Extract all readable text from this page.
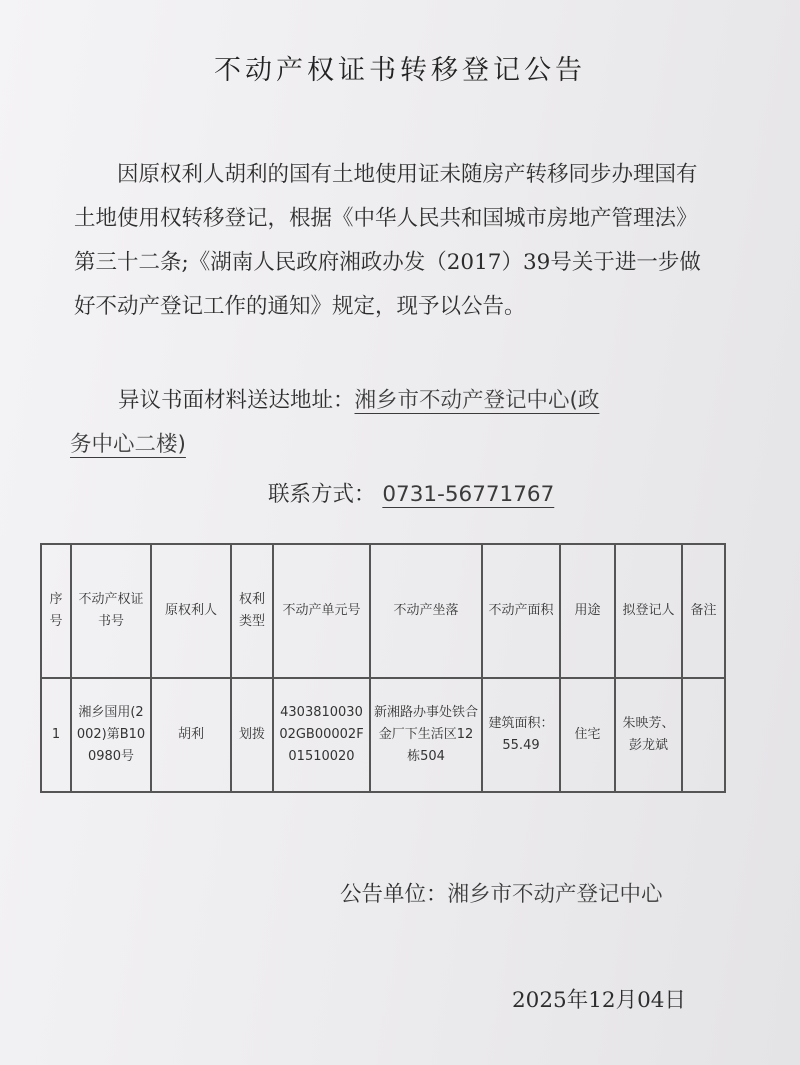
不动产权证书转移登记公告
因原权利人胡利的国有土地使用证未随房产转移同步办理国有土地使用权转移登记，根据《中华人民共和国城市房地产管理法》第三十二条;《湖南人民政府湘政办发（2017）39号关于进一步做好不动产登记工作的通知》规定，现予以公告。
异议书面材料送达地址：湘乡市不动产登记中心(政
务中心二楼)
联系方式： 0731-56771767
序号	不动产权证书号	原权利人	权利类型	不动产单元号	不动产坐落	不动产面积	用途	拟登记人	备注
1	湘乡国用(2002)第B100980号	胡利	划拨	430381003002GB00002F01510020	新湘路办事处铁合金厂下生活区12栋504	建筑面积：55.49	住宅	朱映芳、彭龙斌	
公告单位：湘乡市不动产登记中心
2025年12月04日
